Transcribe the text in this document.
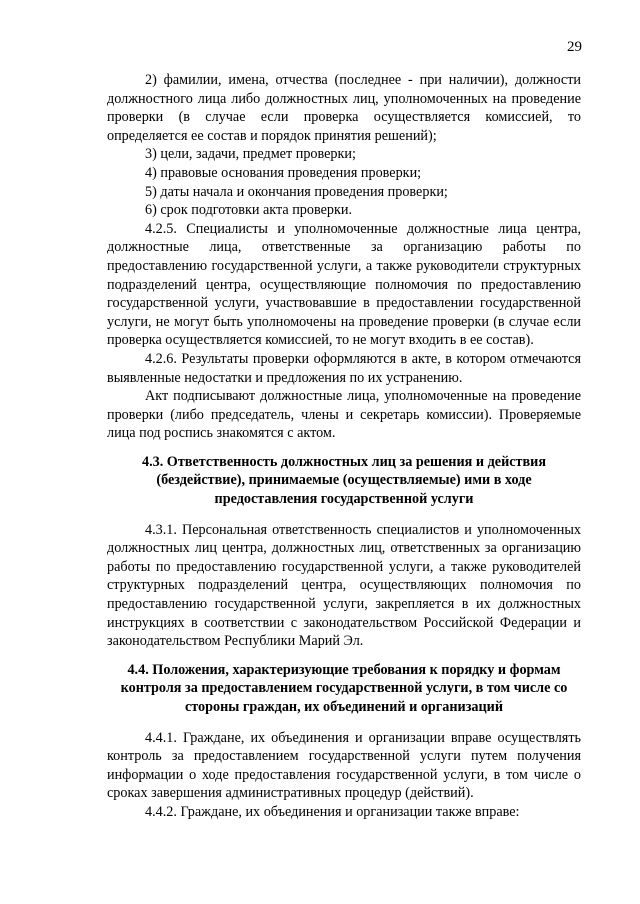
29

2) фамилии, имена, отчества (последнее - при наличии), должности должностного лица либо должностных лиц, уполномоченных на проведение проверки (в случае если проверка осуществляется комиссией, то определяется ее состав и порядок принятия решений);

3) цели, задачи, предмет проверки;

4) правовые основания проведения проверки;

5) даты начала и окончания проведения проверки;

6) срок подготовки акта проверки.

4.2.5. Специалисты и уполномоченные должностные лица центра, должностные лица, ответственные за организацию работы по предоставлению государственной услуги, а также руководители структурных подразделений центра, осуществляющие полномочия по предоставлению государственной услуги, участвовавшие в предоставлении государственной услуги, не могут быть уполномочены на проведение проверки (в случае если проверка осуществляется комиссией, то не могут входить в ее состав).

4.2.6. Результаты проверки оформляются в акте, в котором отмечаются выявленные недостатки и предложения по их устранению.

Акт подписывают должностные лица, уполномоченные на проведение проверки (либо председатель, члены и секретарь комиссии). Проверяемые лица под роспись знакомятся с актом.

4.3. Ответственность должностных лиц за решения и действия (бездействие), принимаемые (осуществляемые) ими в ходе предоставления государственной услуги

4.3.1. Персональная ответственность специалистов и уполномоченных должностных лиц центра, должностных лиц, ответственных за организацию работы по предоставлению государственной услуги, а также руководителей структурных подразделений центра, осуществляющих полномочия по предоставлению государственной услуги, закрепляется в их должностных инструкциях в соответствии с законодательством Российской Федерации и законодательством Республики Марий Эл.

4.4. Положения, характеризующие требования к порядку и формам контроля за предоставлением государственной услуги, в том числе со стороны граждан, их объединений и организаций

4.4.1. Граждане, их объединения и организации вправе осуществлять контроль за предоставлением государственной услуги путем получения информации о ходе предоставления государственной услуги, в том числе о сроках завершения административных процедур (действий).

4.4.2. Граждане, их объединения и организации также вправе:
